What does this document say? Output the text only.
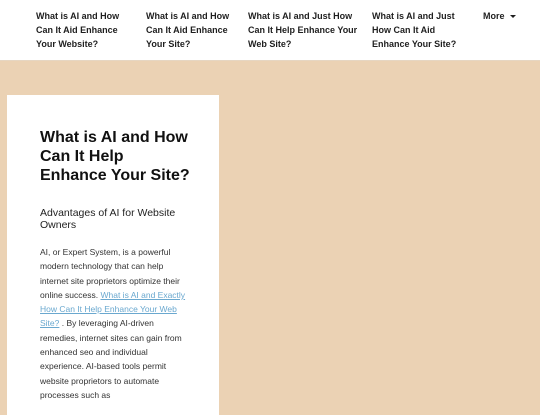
What is AI and How Can It Aid Enhance Your Website?
What is AI and How Can It Aid Enhance Your Site?
What is AI and Just How Can It Help Enhance Your Web Site?
What is AI and Just How Can It Aid Enhance Your Site?
More
What is AI and How Can It Help Enhance Your Site?
Advantages of AI for Website Owners

AI, or Expert System, is a powerful modern technology that can help internet site proprietors optimize their online success. What is AI and Exactly How Can It Help Enhance Your Web Site? . By leveraging AI-driven remedies, internet sites can gain from enhanced seo and individual experience. AI-based tools permit website proprietors to automate processes such as
